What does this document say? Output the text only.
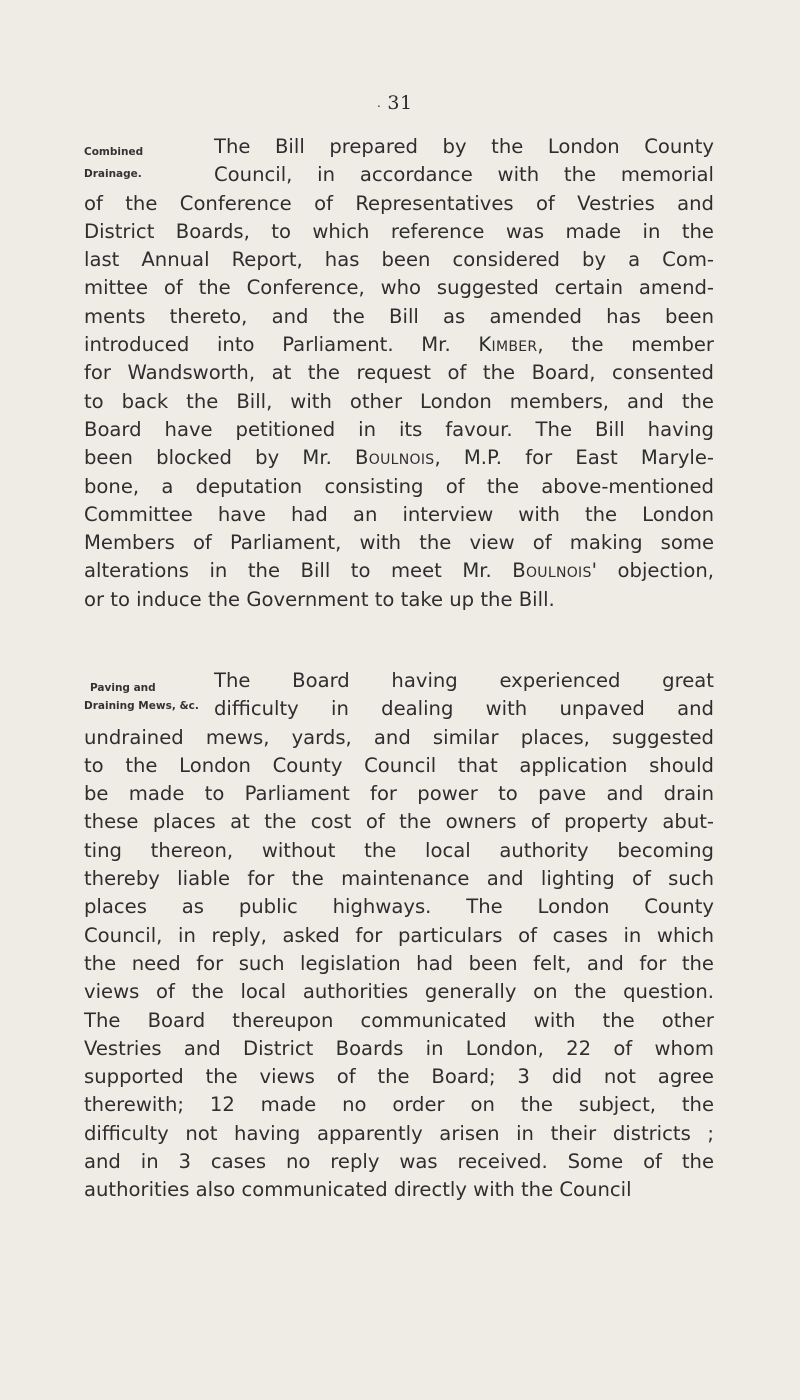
. 31
Combined
Drainage.
The Bill prepared by the London County
Council, in accordance with the memorial
of the Conference of Representatives of Vestries and
District Boards, to which reference was made in the
last Annual Report, has been considered by a Com-
mittee of the Conference, who suggested certain amend-
ments thereto, and the Bill as amended has been
introduced into Parliament. Mr. Kimber, the member
for Wandsworth, at the request of the Board, consented
to back the Bill, with other London members, and the
Board have petitioned in its favour. The Bill having
been blocked by Mr. Boulnois, M.P. for East Maryle-
bone, a deputation consisting of the above-mentioned
Committee have had an interview with the London
Members of Parliament, with the view of making some
alterations in the Bill to meet Mr. Boulnois' objection,
or to induce the Government to take up the Bill.
Paving and
Draining Mews, &c.
The Board having experienced great
difficulty in dealing with unpaved and
undrained mews, yards, and similar places, suggested
to the London County Council that application should
be made to Parliament for power to pave and drain
these places at the cost of the owners of property abut-
ting thereon, without the local authority becoming
thereby liable for the maintenance and lighting of such
places as public highways. The London County
Council, in reply, asked for particulars of cases in which
the need for such legislation had been felt, and for the
views of the local authorities generally on the question.
The Board thereupon communicated with the other
Vestries and District Boards in London, 22 of whom
supported the views of the Board; 3 did not agree
therewith; 12 made no order on the subject, the
difficulty not having apparently arisen in their districts ;
and in 3 cases no reply was received. Some of the
authorities also communicated directly with the Council
